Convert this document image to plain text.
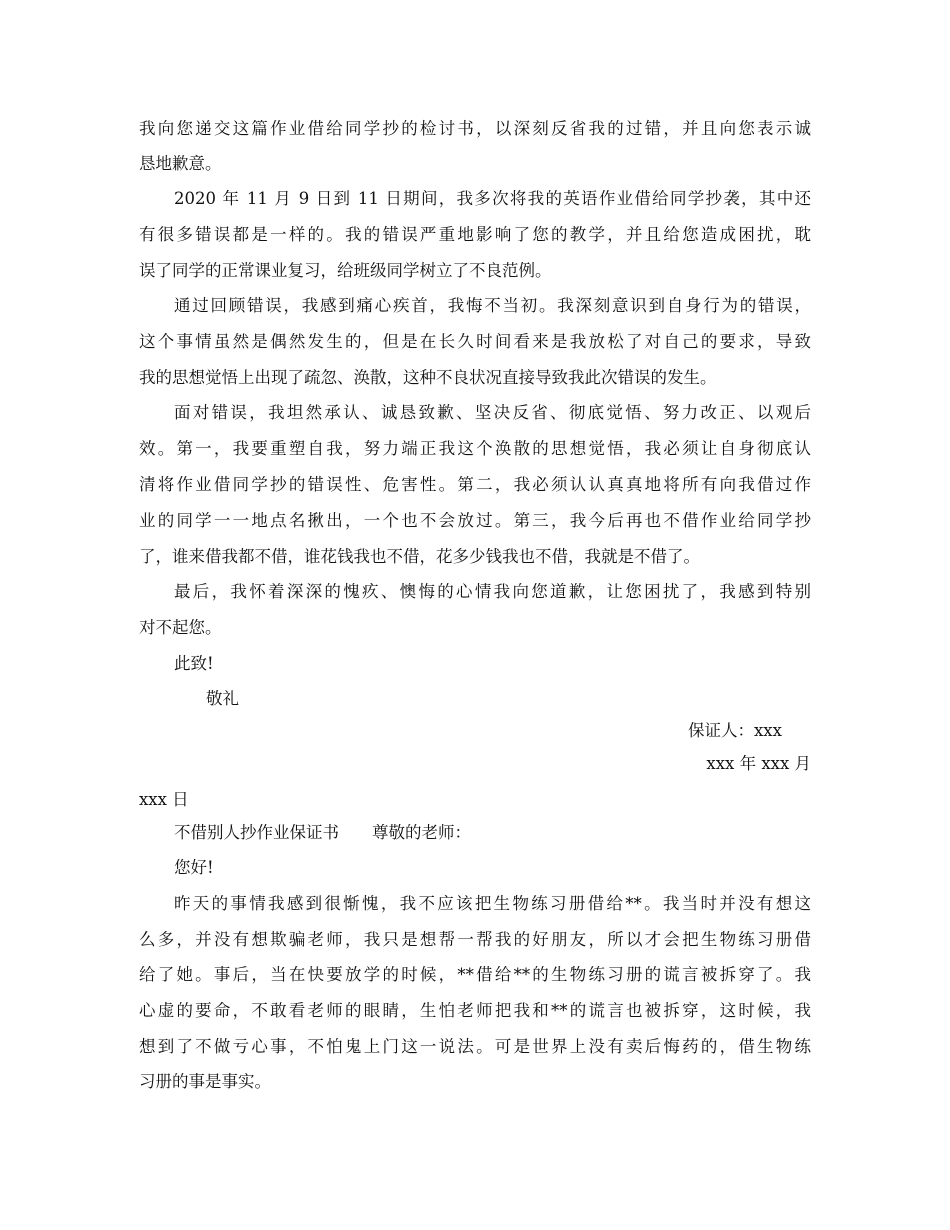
我向您递交这篇作业借给同学抄的检讨书，以深刻反省我的过错，并且向您表示诚
恳地歉意。
2020 年 11 月 9 日到 11 日期间，我多次将我的英语作业借给同学抄袭，其中还
有很多错误都是一样的。我的错误严重地影响了您的教学，并且给您造成困扰，耽
误了同学的正常课业复习，给班级同学树立了不良范例。
通过回顾错误，我感到痛心疾首，我悔不当初。我深刻意识到自身行为的错误，
这个事情虽然是偶然发生的，但是在长久时间看来是我放松了对自己的要求，导致
我的思想觉悟上出现了疏忽、涣散，这种不良状况直接导致我此次错误的发生。
面对错误，我坦然承认、诚恳致歉、坚决反省、彻底觉悟、努力改正、以观后
效。第一，我要重塑自我，努力端正我这个涣散的思想觉悟，我必须让自身彻底认
清将作业借同学抄的错误性、危害性。第二，我必须认认真真地将所有向我借过作
业的同学一一地点名揪出，一个也不会放过。第三，我今后再也不借作业给同学抄
了，谁来借我都不借，谁花钱我也不借，花多少钱我也不借，我就是不借了。
最后，我怀着深深的愧疚、懊悔的心情我向您道歉，让您困扰了，我感到特别
对不起您。
此致!
敬礼
保证人：xxx
xxx 年 xxx 月
xxx 日
不借别人抄作业保证书　　尊敬的老师：
您好!
昨天的事情我感到很惭愧，我不应该把生物练习册借给**。我当时并没有想这
么多，并没有想欺骗老师，我只是想帮一帮我的好朋友，所以才会把生物练习册借
给了她。事后，当在快要放学的时候，**借给**的生物练习册的谎言被拆穿了。我
心虚的要命，不敢看老师的眼睛，生怕老师把我和**的谎言也被拆穿，这时候，我
想到了不做亏心事，不怕鬼上门这一说法。可是世界上没有卖后悔药的，借生物练
习册的事是事实。
